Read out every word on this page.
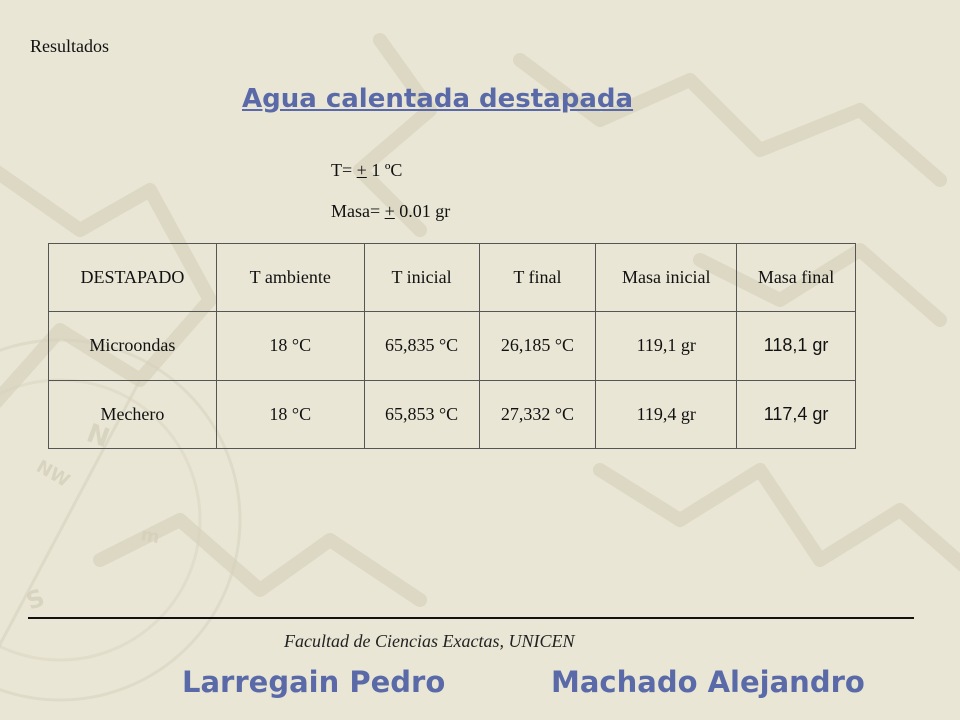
N
NW
m
S
Resultados
Agua calentada destapada
T= + 1 ºC
Masa= + 0.01 gr
DESTAPADO	T ambiente	T inicial	T final	Masa inicial	Masa final
Microondas	18 °C	65,835 °C	26,185 °C	119,1 gr	118,1 gr
Mechero	18 °C	65,853 °C	27,332 °C	119,4 gr	117,4 gr
Facultad de Ciencias Exactas, UNICEN
Larregain Pedro	Machado Alejandro
